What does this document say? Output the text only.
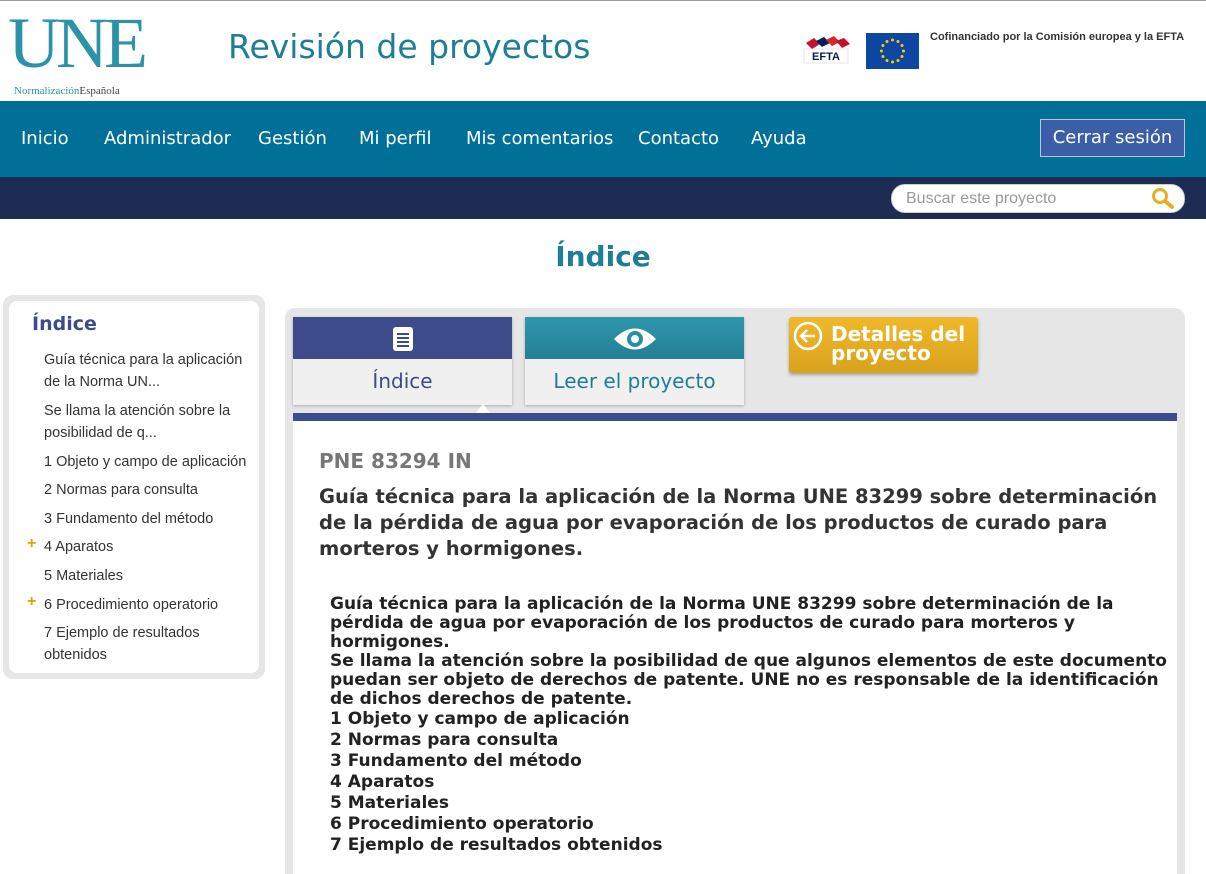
UNE
NormalizaciónEspañola
Revisión de proyectos	EFTA
Cofinanciado por la Comisión europea y la EFTA
Inicio Administrador Gestión Mi perfil Mis comentarios Contacto Ayuda	Cerrar sesión
Buscar este proyecto
Índice
Índice
Guía técnica para la aplicación de la Norma UN...
Se llama la atención sobre la posibilidad de q...
1 Objeto y campo de aplicación
2 Normas para consulta
3 Fundamento del método
+ 4 Aparatos
5 Materiales
+ 6 Procedimiento operatorio
7 Ejemplo de resultados obtenidos
Índice	Leer el proyecto
Detalles del proyecto
PNE 83294 IN
Guía técnica para la aplicación de la Norma UNE 83299 sobre determinación de la pérdida de agua por evaporación de los productos de curado para morteros y hormigones.
Guía técnica para la aplicación de la Norma UNE 83299 sobre determinación de la pérdida de agua por evaporación de los productos de curado para morteros y hormigones.
Se llama la atención sobre la posibilidad de que algunos elementos de este documento puedan ser objeto de derechos de patente. UNE no es responsable de la identificación de dichos derechos de patente.
1 Objeto y campo de aplicación
2 Normas para consulta
3 Fundamento del método
4 Aparatos
5 Materiales
6 Procedimiento operatorio
7 Ejemplo de resultados obtenidos
